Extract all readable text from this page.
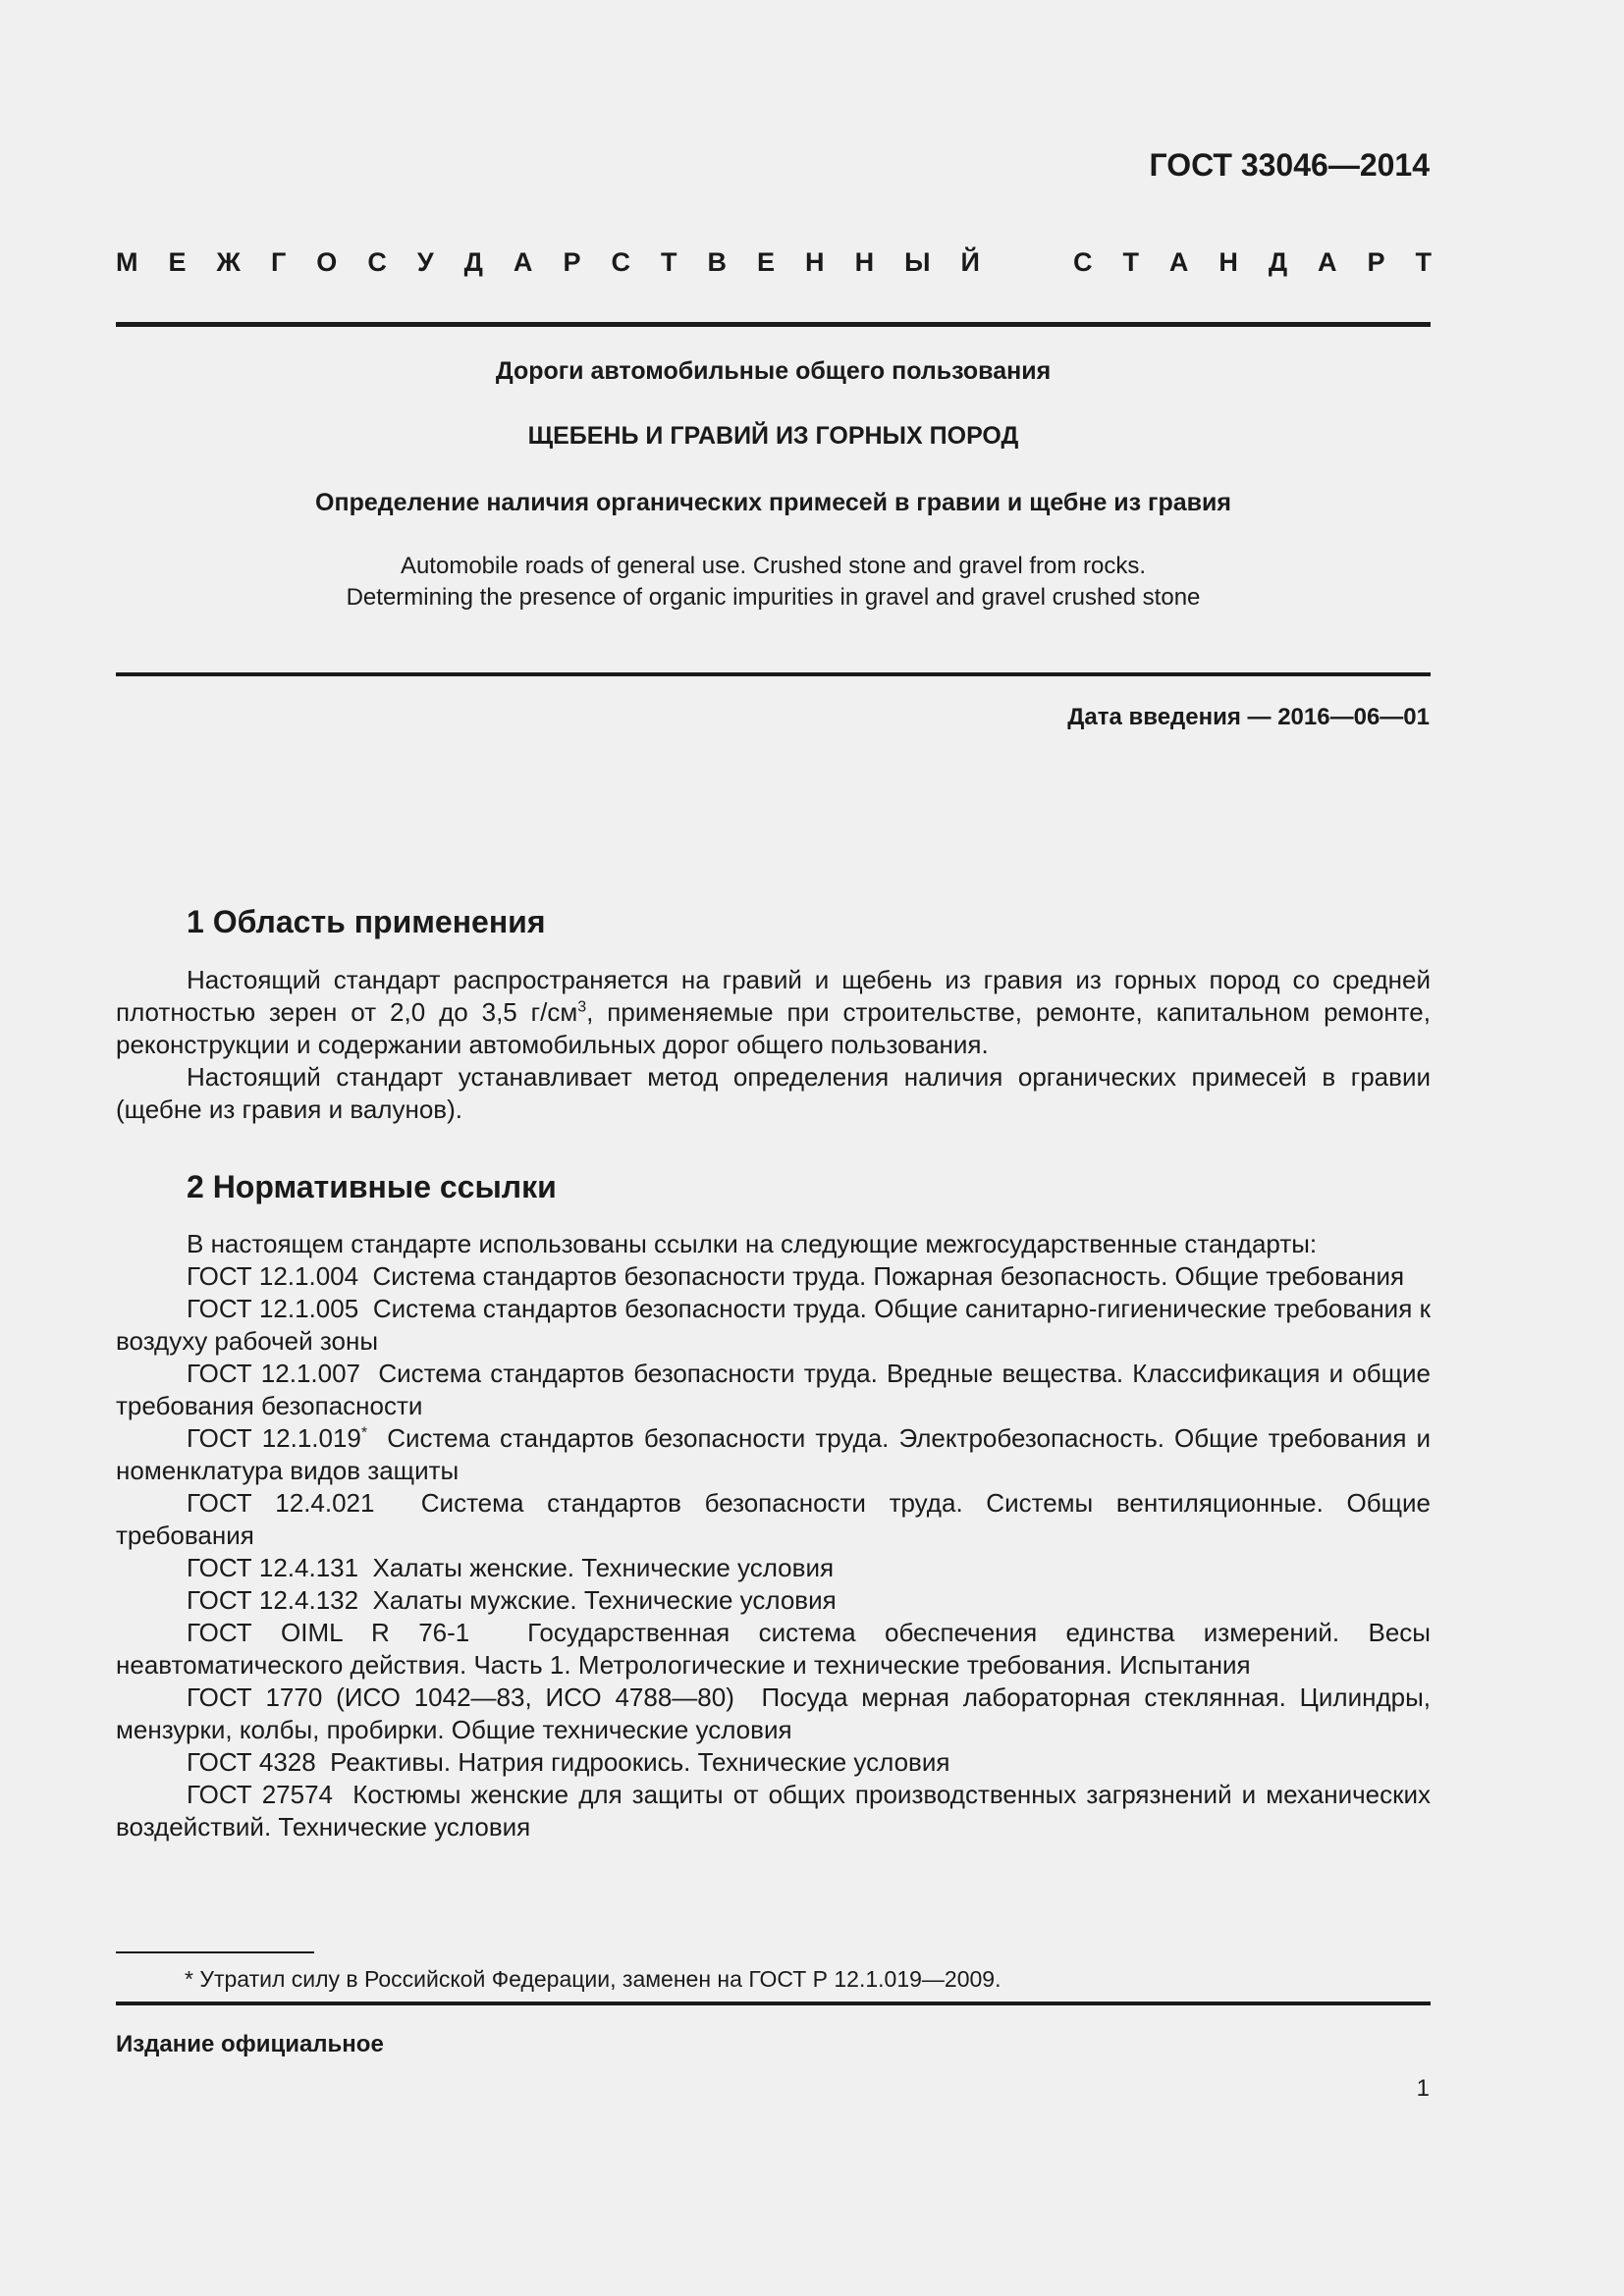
ГОСТ 33046—2014
М Е Ж Г О С У Д А Р С Т В Е Н Н Ы Й	С Т А Н Д А Р Т
Дороги автомобильные общего пользования
ЩЕБЕНЬ И ГРАВИЙ ИЗ ГОРНЫХ ПОРОД
Определение наличия органических примесей в гравии и щебне из гравия
Automobile roads of general use. Crushed stone and gravel from rocks.
Determining the presence of organic impurities in gravel and gravel crushed stone
Дата введения — 2016—06—01
1 Область применения

Настоящий стандарт распространяется на гравий и щебень из гравия из горных пород со средней плотностью зерен от 2,0 до 3,5 $г/см^3$, применяемые при строительстве, ремонте, капитальном ремонте, реконструкции и содержании автомобильных дорог общего пользования.

Настоящий стандарт устанавливает метод определения наличия органических примесей в гравии (щебне из гравия и валунов).

2 Нормативные ссылки

В настоящем стандарте использованы ссылки на следующие межгосударственные стандарты:

ГОСТ 12.1.004 Система стандартов безопасности труда. Пожарная безопасность. Общие требования

ГОСТ 12.1.005 Система стандартов безопасности труда. Общие санитарно-гигиенические требования к воздуху рабочей зоны

ГОСТ 12.1.007 Система стандартов безопасности труда. Вредные вещества. Классификация и общие требования безопасности

ГОСТ 12.1.019* Система стандартов безопасности труда. Электробезопасность. Общие требования и номенклатура видов защиты

ГОСТ 12.4.021 Система стандартов безопасности труда. Системы вентиляционные. Общие требования

ГОСТ 12.4.131 Халаты женские. Технические условия

ГОСТ 12.4.132 Халаты мужские. Технические условия

ГОСТ OIML R 76-1 Государственная система обеспечения единства измерений. Весы неавтоматического действия. Часть 1. Метрологические и технические требования. Испытания

ГОСТ 1770 (ИСО 1042—83, ИСО 4788—80) Посуда мерная лабораторная стеклянная. Цилиндры, мензурки, колбы, пробирки. Общие технические условия

ГОСТ 4328 Реактивы. Натрия гидроокись. Технические условия

ГОСТ 27574 Костюмы женские для защиты от общих производственных загрязнений и механических воздействий. Технические условия

* Утратил силу в Российской Федерации, заменен на ГОСТ Р 12.1.019—2009.
Издание официальное
1
